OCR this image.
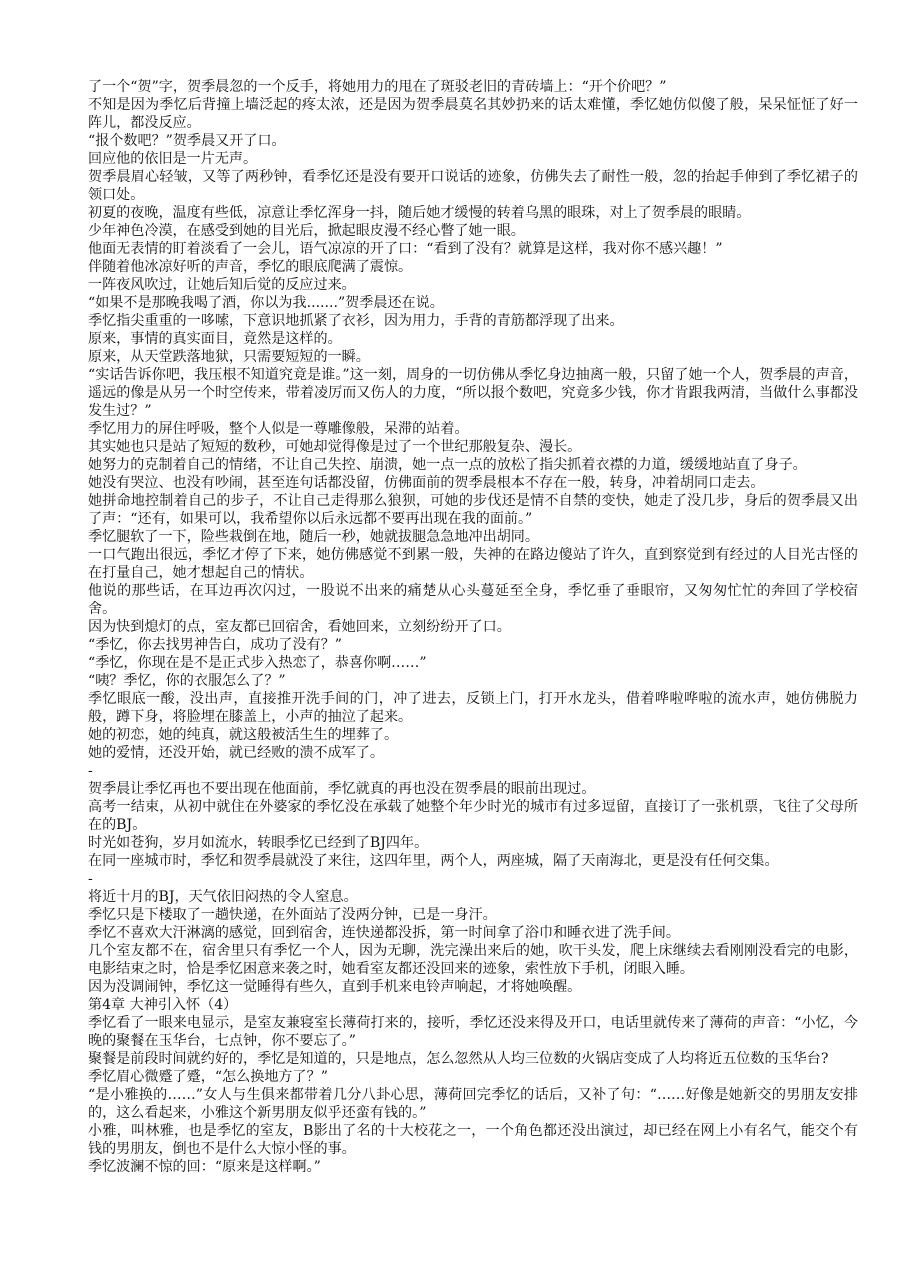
了一个“贺”字，贺季晨忽的一个反手，将她用力的甩在了斑驳老旧的青砖墙上：“开个价吧？”

不知是因为季忆后背撞上墙泛起的疼太浓，还是因为贺季晨莫名其妙扔来的话太难懂，季忆她仿似傻了般，呆呆怔怔了好一阵儿，都没反应。

“报个数吧？”贺季晨又开了口。

回应他的依旧是一片无声。

贺季晨眉心轻皱，又等了两秒钟，看季忆还是没有要开口说话的迹象，仿佛失去了耐性一般，忽的抬起手伸到了季忆裙子的领口处。

初夏的夜晚，温度有些低，凉意让季忆浑身一抖，随后她才缓慢的转着乌黑的眼珠，对上了贺季晨的眼睛。

少年神色冷漠，在感受到她的目光后，掀起眼皮漫不经心瞥了她一眼。

他面无表情的盯着淡看了一会儿，语气凉凉的开了口：“看到了没有？就算是这样，我对你不感兴趣！”

伴随着他冰凉好听的声音，季忆的眼底爬满了震惊。

一阵夜风吹过，让她后知后觉的反应过来。

“如果不是那晚我喝了酒，你以为我.......”贺季晨还在说。

季忆指尖重重的一哆嗦，下意识地抓紧了衣衫，因为用力，手背的青筋都浮现了出来。

原来，事情的真实面目，竟然是这样的。

原来，从天堂跌落地狱，只需要短短的一瞬。

“实话告诉你吧，我压根不知道究竟是谁。”这一刻，周身的一切仿佛从季忆身边抽离一般，只留了她一个人，贺季晨的声音，遥远的像是从另一个时空传来，带着凌厉而又伤人的力度，“所以报个数吧，究竟多少钱，你才肯跟我两清，当做什么事都没发生过？”

季忆用力的屏住呼吸，整个人似是一尊雕像般，呆滞的站着。

其实她也只是站了短短的数秒，可她却觉得像是过了一个世纪那般复杂、漫长。

她努力的克制着自己的情绪，不让自己失控、崩溃，她一点一点的放松了指尖抓着衣襟的力道，缓缓地站直了身子。

她没有哭泣、也没有吵闹，甚至连句话都没留，仿佛面前的贺季晨根本不存在一般，转身，冲着胡同口走去。

她拼命地控制着自己的步子，不让自己走得那么狼狈，可她的步伐还是情不自禁的变快，她走了没几步，身后的贺季晨又出了声：“还有，如果可以，我希望你以后永远都不要再出现在我的面前。”

季忆腿软了一下，险些栽倒在地，随后一秒，她就拔腿急急地冲出胡同。

一口气跑出很远，季忆才停了下来，她仿佛感觉不到累一般，失神的在路边傻站了许久，直到察觉到有经过的人目光古怪的在打量自己，她才想起自己的情状。

他说的那些话，在耳边再次闪过，一股说不出来的痛楚从心头蔓延至全身，季忆垂了垂眼帘，又匆匆忙忙的奔回了学校宿舍。

因为快到熄灯的点，室友都已回宿舍，看她回来，立刻纷纷开了口。

“季忆，你去找男神告白，成功了没有？”

“季忆，你现在是不是正式步入热恋了，恭喜你啊……”

“咦？季忆，你的衣服怎么了？”

季忆眼底一酸，没出声，直接推开洗手间的门，冲了进去，反锁上门，打开水龙头，借着哗啦哗啦的流水声，她仿佛脱力般，蹲下身，将脸埋在膝盖上，小声的抽泣了起来。

她的初恋，她的纯真，就这般被活生生的埋葬了。

她的爱情，还没开始，就已经败的溃不成军了。

-

贺季晨让季忆再也不要出现在他面前，季忆就真的再也没在贺季晨的眼前出现过。

高考一结束，从初中就住在外婆家的季忆没在承载了她整个年少时光的城市有过多逗留，直接订了一张机票，飞往了父母所在的BJ。

时光如苍狗，岁月如流水，转眼季忆已经到了BJ四年。

在同一座城市时，季忆和贺季晨就没了来往，这四年里，两个人，两座城，隔了天南海北，更是没有任何交集。

-

将近十月的BJ，天气依旧闷热的令人窒息。

季忆只是下楼取了一趟快递，在外面站了没两分钟，已是一身汗。

季忆不喜欢大汗淋漓的感觉，回到宿舍，连快递都没拆，第一时间拿了浴巾和睡衣进了洗手间。

几个室友都不在，宿舍里只有季忆一个人，因为无聊，洗完澡出来后的她，吹干头发，爬上床继续去看刚刚没看完的电影，电影结束之时，恰是季忆困意来袭之时，她看室友都还没回来的迹象，索性放下手机，闭眼入睡。

因为没调闹钟，季忆这一觉睡得有些久，直到手机来电铃声响起，才将她唤醒。

第4章 大神引入怀（4）

季忆看了一眼来电显示，是室友兼寝室长薄荷打来的，接听，季忆还没来得及开口，电话里就传来了薄荷的声音：“小忆，今晚的聚餐在玉华台，七点钟，你不要忘了。”

聚餐是前段时间就约好的，季忆是知道的，只是地点，怎么忽然从人均三位数的火锅店变成了人均将近五位数的玉华台?

季忆眉心微蹙了蹙，“怎么换地方了？”

“是小雅换的……”女人与生俱来都带着几分八卦心思，薄荷回完季忆的话后，又补了句：“……好像是她新交的男朋友安排的，这么看起来，小雅这个新男朋友似乎还蛮有钱的。”

小雅，叫林雅，也是季忆的室友，B影出了名的十大校花之一，一个角色都还没出演过，却已经在网上小有名气，能交个有钱的男朋友，倒也不是什么大惊小怪的事。

季忆波澜不惊的回：“原来是这样啊。”
